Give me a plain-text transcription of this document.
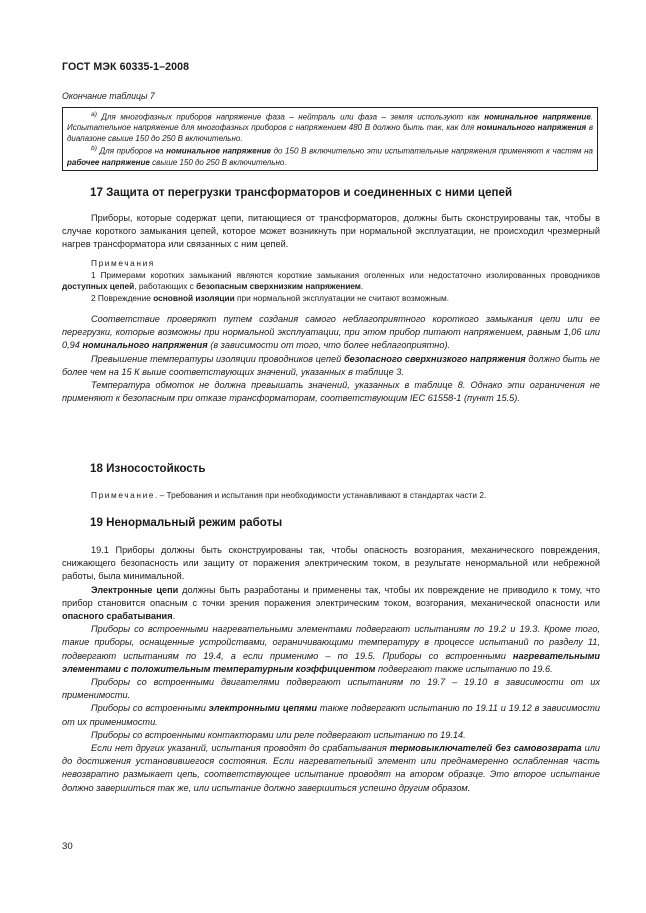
ГОСТ МЭК 60335-1–2008
Окончание таблицы 7

$^{a)}$ Для многофазных приборов напряжение фаза – нейтраль или фаза – земля используют как номинальное напряжение. Испытательное напряжение для многофазных приборов с напряжением 480 В должно быть так, как для номинального напряжения в диапазоне свыше 150 до 250 В включительно.

$^{b)}$ Для приборов на номинальное напряжение до 150 В включительно эти испытательные напряжения применяют к частям на рабочее напряжение свыше 150 до 250 В включительно.

17 Защита от перегрузки трансформаторов и соединенных с ними цепей

Приборы, которые содержат цепи, питающиеся от трансформаторов, должны быть сконструированы так, чтобы в случае короткого замыкания цепей, которое может возникнуть при нормальной эксплуатации, не происходил чрезмерный нагрев трансформатора или связанных с ним цепей.

Примечания

1 Примерами коротких замыканий являются короткие замыкания оголенных или недостаточно изолированных проводников доступных цепей, работающих с безопасным сверхнизким напряжением.

2 Повреждение основной изоляции при нормальной эксплуатации не считают возможным.

Соответствие проверяют путем создания самого неблагоприятного короткого замыкания цепи или ее перегрузки, которые возможны при нормальной эксплуатации, при этом прибор питают напряжением, равным 1,06 или 0,94 номинального напряжения (в зависимости от того, что более неблагоприятно).

Превышение температуры изоляции проводников цепей безопасного сверхнизкого напряжения должно быть не более чем на 15 К выше соответствующих значений, указанных в таблице 3.

Температура обмоток не должна превышать значений, указанных в таблице 8. Однако эти ограничения не применяют к безопасным при отказе трансформаторам, соответствующим IEC 61558-1 (пункт 15.5).

18 Износостойкость

Примечание. – Требования и испытания при необходимости устанавливают в стандартах части 2.

19 Ненормальный режим работы

19.1 Приборы должны быть сконструированы так, чтобы опасность возгорания, механического повреждения, снижающего безопасность или защиту от поражения электрическим током, в результате ненормальной или небрежной работы, была минимальной.

Электронные цепи должны быть разработаны и применены так, чтобы их повреждение не приводило к тому, что прибор становится опасным с точки зрения поражения электрическим током, возгорания, механической опасности или опасного срабатывания.

Приборы со встроенными нагревательными элементами подвергают испытаниям по 19.2 и 19.3. Кроме того, такие приборы, оснащенные устройствами, ограничивающими температуру в процессе испытаний по разделу 11, подвергают испытаниям по 19.4, а если применимо – по 19.5. Приборы со встроенными нагревательными элементами с положительным температурным коэффициентом подвергают также испытанию по 19.6.

Приборы со встроенными двигателями подвергают испытаниям по 19.7 – 19.10 в зависимости от их применимости.

Приборы со встроенными электронными цепями также подвергают испытанию по 19.11 и 19.12 в зависимости от их применимости.

Приборы со встроенными контакторами или реле подвергают испытанию по 19.14.

Если нет других указаний, испытания проводят до срабатывания термовыключателей без самовозврата или до достижения установившегося состояния. Если нагревательный элемент или преднамеренно ослабленная часть невозвратно размыкает цепь, соответствующее испытание проводят на втором образце. Это второе испытание должно завершиться так же, или испытание должно завершиться успешно другим образом.

30
